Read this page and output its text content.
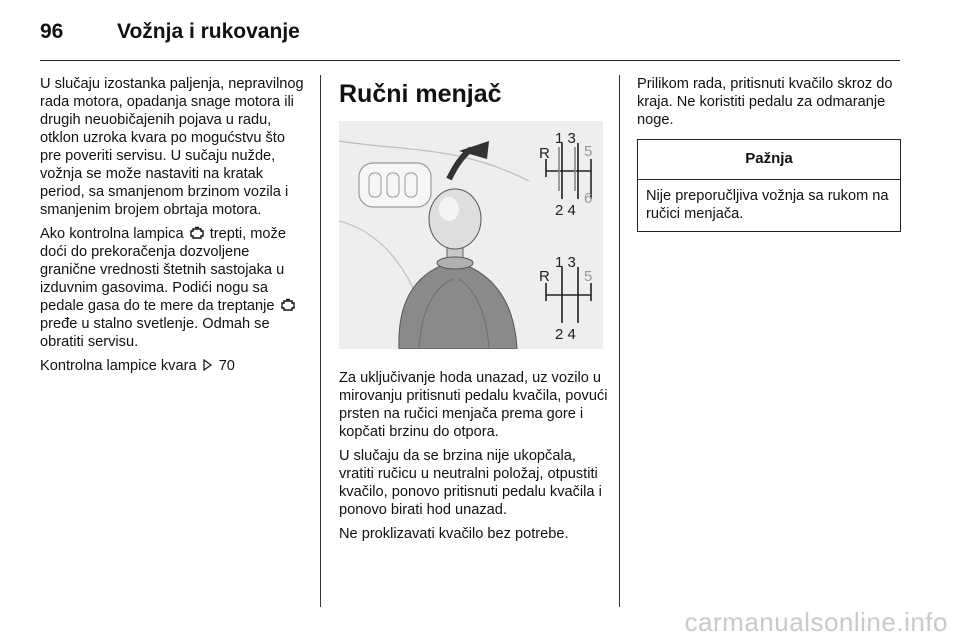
96	Vožnja i rukovanje

U slučaju izostanka paljenja, nepravilnog rada motora, opadanja snage motora ili drugih neuobičajenih pojava u radu, otklon uzroka kvara po mogućstvu što pre poveriti servisu. U sučaju nužde, vožnja se može nastaviti na kratak period, sa smanjenom brzinom vozila i smanjenim brojem obrtaja motora.

Ako kontrolna lampica trepti, može doći do prekoračenja dozvoljene granične vrednosti štetnih sastojaka u izduvnim gasovima. Podići nogu sa pedale gasa do te mere da treptanje  pređe u stalno svetlenje. Odmah se obratiti servisu.

Kontrolna lampice kvara 70

Ručni menjač
R
1 3
5
6
2 4
R
1 3
5
2 4

Za uključivanje hoda unazad, uz vozilo u mirovanju pritisnuti pedalu kvačila, povući prsten na ručici menjača prema gore i kopčati brzinu do otpora.

U slučaju da se brzina nije ukopčala, vratiti ručicu u neutralni položaj, otpustiti kvačilo, ponovo pritisnuti pedalu kvačila i ponovo birati hod unazad.

Ne proklizavati kvačilo bez potrebe.

Prilikom rada, pritisnuti kvačilo skroz do kraja. Ne koristiti pedalu za odmaranje noge.

Pažnja
Nije preporučljiva vožnja sa rukom na ručici menjača.
carmanualsonline.info
